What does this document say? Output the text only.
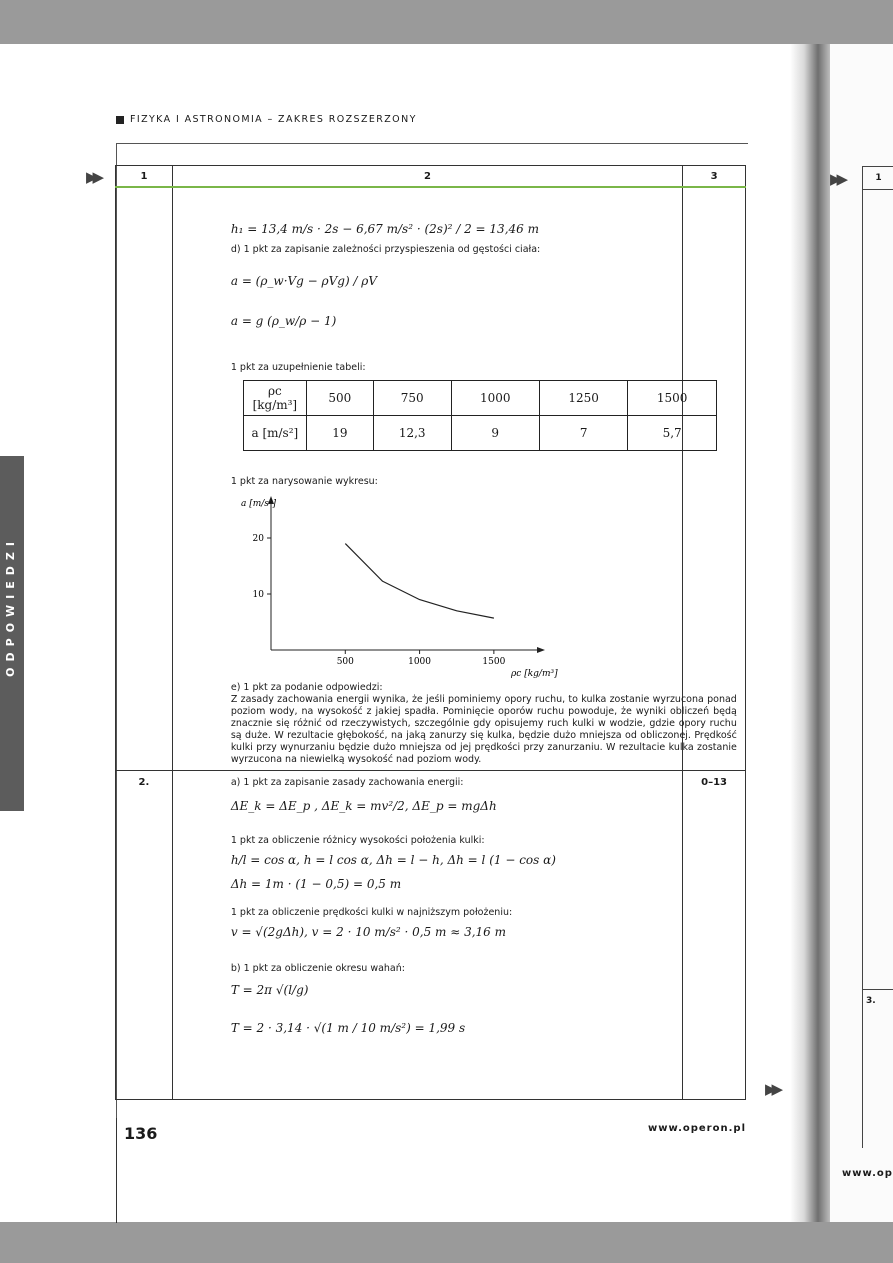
▶▶	1
3.
www.op
FIZYKA I ASTRONOMIA – ZAKRES ROZSZERZONY
ODPOWIEDZI
▶▶
▶▶
1	2	3

h₁ = 13,4 m/s · 2s − 6,67 m/s² · (2s)² / 2 = 13,46 m
d) 1 pkt za zapisanie zależności przyspieszenia od gęstości ciała:
a = (ρ_w·Vg − ρVg) / ρV
a = g (ρ_w/ρ − 1)
1 pkt za uzupełnienie tabeli:
ρc [kg/m³]	500	750	1000	1250	1500
a [m/s²]	19	12,3	9	7	5,7
1 pkt za narysowanie wykresu:
500	1000	1500
10
20
ρc [kg/m³]
a [m/s²]
e) 1 pkt za podanie odpowiedzi:
Z zasady zachowania energii wynika, że jeśli pominiemy opory ruchu, to kulka zostanie wyrzucona ponad poziom wody, na wysokość z jakiej spadła. Pominięcie oporów ruchu powoduje, że wyniki obliczeń będą znacznie się różnić od rzeczywistych, szczególnie gdy opisujemy ruch kulki w wodzie, gdzie opory ruchu są duże. W rezultacie głębokość, na jaką zanurzy się kulka, będzie dużo mniejsza od obliczonej. Prędkość kulki przy wynurzaniu będzie dużo mniejsza od jej prędkości przy zanurzaniu. W rezultacie kulka zostanie wyrzucona na niewielką wysokość nad poziom wody.

2.	a) 1 pkt za zapisanie zasady zachowania energii:
ΔE_k = ΔE_p , ΔE_k = mv²/2, ΔE_p = mgΔh
1 pkt za obliczenie różnicy wysokości położenia kulki:
h/l = cos α, h = l cos α, Δh = l − h, Δh = l (1 − cos α)
Δh = 1m · (1 − 0,5) = 0,5 m
1 pkt za obliczenie prędkości kulki w najniższym położeniu:
v = √(2gΔh), v = 2 · 10 m/s² · 0,5 m ≈ 3,16 m
b) 1 pkt za obliczenie okresu wahań:
T = 2π √(l/g)
T = 2 · 3,14 · √(1 m / 10 m/s²) = 1,99 s
	0–13
136	www.operon.pl
